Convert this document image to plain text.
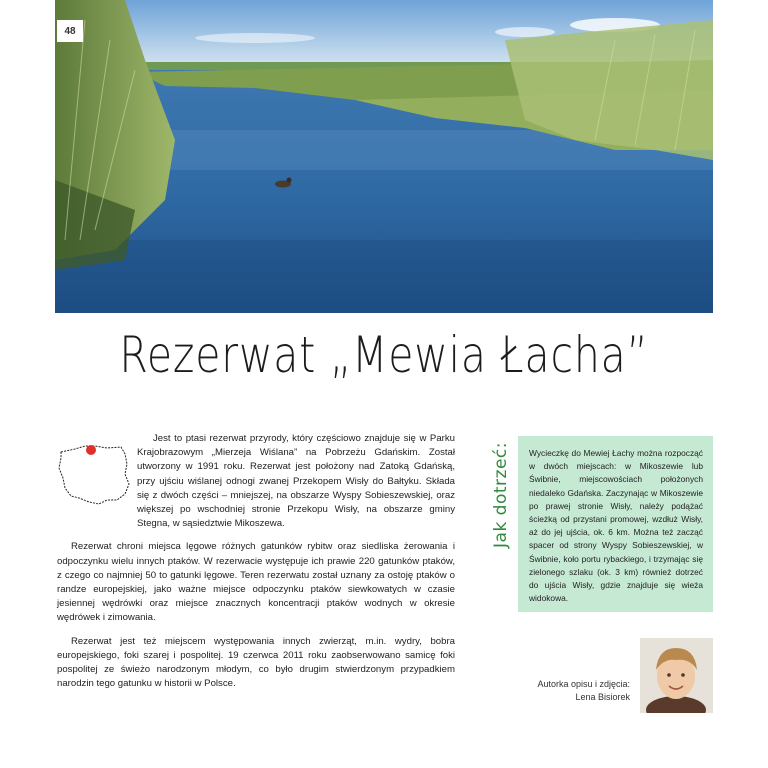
48
Rezerwat „Mewia Łacha”

Jest to ptasi rezerwat przyrody, który częściowo znajduje się w Parku Krajobrazowym „Mierzeja Wiślana” na Pobrzeżu Gdańskim. Został utworzony w 1991 roku. Rezerwat jest położony nad Zatoką Gdańską, przy ujściu wiślanej odnogi zwanej Przekopem Wisły do Bałtyku. Składa się z dwóch części – mniejszej, na obszarze Wyspy Sobieszewskiej, oraz większej po wschodniej stronie Przekopu Wisły, na obszarze gminy Stegna, w sąsiedztwie Mikoszewa.

Rezerwat chroni miejsca lęgowe różnych gatunków rybitw oraz siedliska żerowania i odpoczynku wielu innych ptaków. W rezerwacie występuje ich prawie 220 gatunków ptaków, z czego co najmniej 50 to gatunki lęgowe. Teren rezerwatu został uznany za ostoję ptaków o randze europejskiej, jako ważne miejsce odpoczynku ptaków siewkowatych w czasie jesiennej wędrówki oraz miejsce znacznych koncentracji ptaków wodnych w okresie wędrówek i zimowania.

Rezerwat jest też miejscem występowania innych zwierząt, m.in. wydry, bobra europejskiego, foki szarej i pospolitej. 19 czerwca 2011 roku zaobserwowano samicę foki pospolitej ze świeżo narodzonym młodym, co było drugim stwierdzonym przypadkiem narodzin tego gatunku w historii w Polsce.

Jak dotrzeć:	Wycieczkę do Mewiej Łachy można rozpocząć w dwóch miejscach: w Mikoszewie lub Świbnie, miejscowościach położonych niedaleko Gdańska. Zaczynając w Mikoszewie po prawej stronie Wisły, należy podążać ścieżką od przystani promowej, wzdłuż Wisły, aż do jej ujścia, ok. 6 km. Można też zacząć spacer od strony Wyspy Sobieszewskiej, w Świbnie, koło portu rybackiego, i trzymając się zielonego szlaku (ok. 3 km) również dotrzeć do ujścia Wisły, gdzie znajduje się wieża widokowa.
Autorka opisu i zdjęcia:
Lena Bisiorek
